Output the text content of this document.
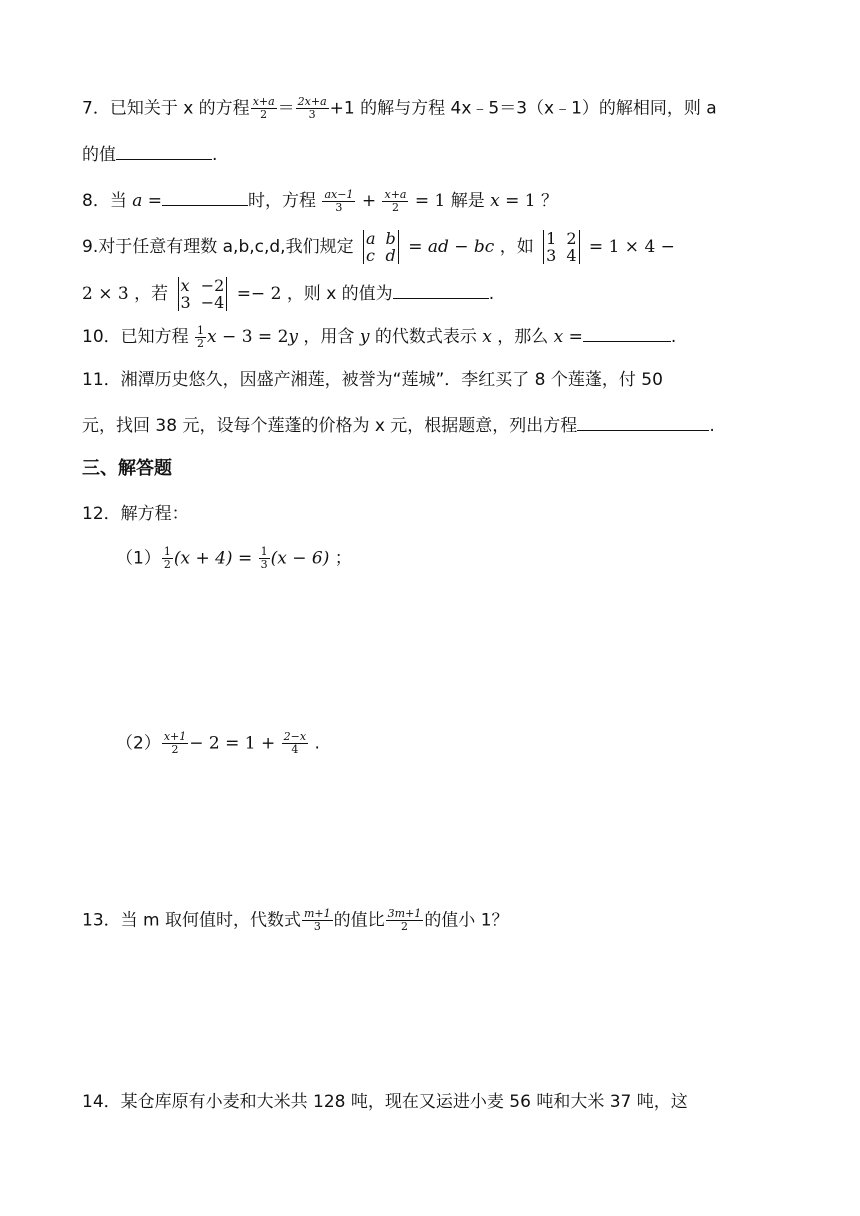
7．已知关于 x 的方程 $\frac{x+a}{2} = \frac{2x+a}{3} +1$ 的解与方程 4x﹣5＝3（x﹣1）的解相同，则 a
的值	.
8．当 a =	时，方程 $\frac{ax-1}{3} + \frac{x+a}{2} = 1$ 解是 x = 1 ？
9.对于任意有理数 a,b,c,d,我们规定 a b
c d = ad − bc ，如 1 2
3 4 = 1 × 4 −
2 × 3 ，若 x −2
3 −4 =− 2 ，则 x 的值为	.
10．已知方程 $\frac{1}{2}$ x − 3 = 2y ，用含 y 的代数式表示 x ，那么 x =	.
11．湘潭历史悠久，因盛产湘莲，被誉为“莲城”．李红买了 8 个莲蓬，付 50
元，找回 38 元，设每个莲蓬的价格为 x 元，根据题意，列出方程	.
三、解答题
12．解方程：
$(1) \frac{1}{2} (x + 4) = \frac{1}{3} (x - 6)$ ；
$(2) \frac{x+1}{2} - 2 = 1 + \frac{2-x}{4}$ .
13．当 m 取何值时，代数式 $\frac{m+1}{3}$ 的值比 $\frac{3m+1}{2}$ 的值小 1？
14．某仓库原有小麦和大米共 128 吨，现在又运进小麦 56 吨和大米 37 吨，这
